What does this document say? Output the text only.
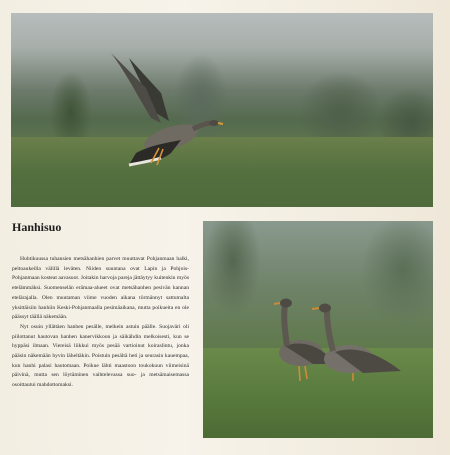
Hanhisuo

Huhtikuussa tuhansien metsähanhien parvet muuttavat Pohjanmaan halki, peltoaukeilla välillä leväten. Niiden suuntana ovat Lapin ja Pohjois-Pohjanmaan kosteat aavasuot. Joitakin harvoja pareja jättäytyy kuitenkin myös etelämmäksi. Suomenselän erämaa-alueet ovat metsähanhen pesivän kannan etelärajalla. Olen muutaman viime vuoden aikana törmännyt sattumalta yksittäisiin hanhiin Keski-Pohjanmaalla pesimäaikana, mutta poikueita en ole päässyt täällä näkemään.

Nyt osuin yllättäen hanhen pesälle, melkein astuin päälle. Suojaväri oli piilottanut hautovan hanhen kanervikkoon ja säikähdin melkoisesti, kun se hyppäsi ilmaan. Viereisä liikkui myös pesää vartioinut koiraslintu, jonka pääsin näkemään hyvin läheltäkin. Poistuin pesältä heti ja seurasin kauempaa, kun hanhi palasi hautomaan. Poikue lähti maastoon toukokuun viimeisinä päivinä, mutta sen löytäminen vaihtelevassa suo- ja metsämaisemassa osoittautui mahdottomaksi.
